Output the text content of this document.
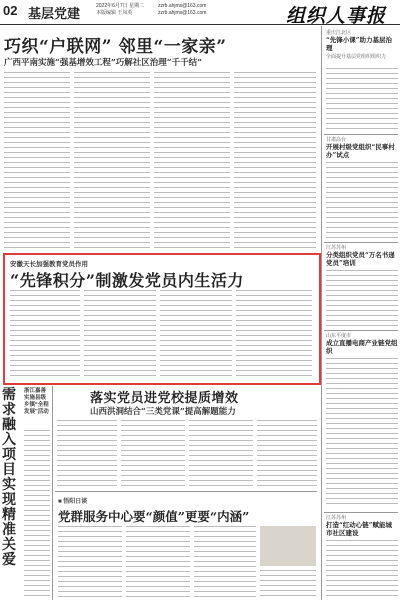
02 基层党建
2022年6月7日 星期二
本版编辑 王凤英
zzrb.ahjms@163.com
zzrb.ahjms@163.com	组织人事报
巧织“户联网” 邻里“一家亲”
广西平南实施“强基增效工程”巧解社区治理“千千结”
安徽天长加强教育党员作用
“先锋积分”制激发党员内生活力
需求融入项目 实现精准关爱
浙江嘉善实施县级乡镇“全程发展”活动
落实党员进党校提质增效
山西洪洞结合“三类党课”提高解题能力
■ 悟阳日谈
党群服务中心要“颜值”更要“内涵”
重庆江北区
“先锋小课”助力基层治理
全面提升基层党组织组织力
甘肃高台
开展村级党组织“民事村办”试点
江苏苏州
分类组织党员“万名书递党员”培训
山东平度市
成立直播电商产业链党组织
江苏苏州
打造“红动心链”赋能城市社区建设
